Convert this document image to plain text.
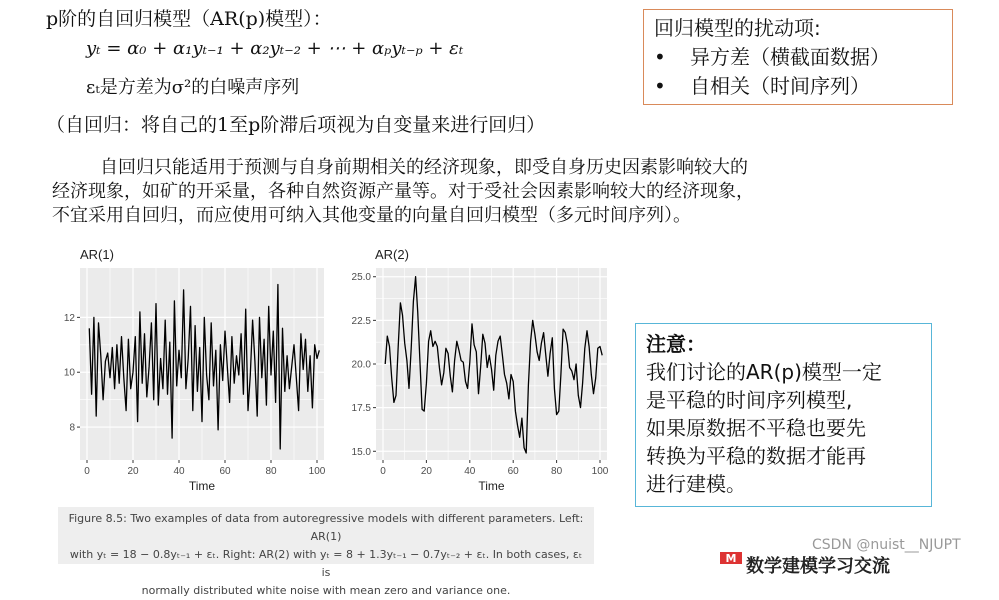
p阶的自回归模型（AR(p)模型）：
yₜ = α₀ + α₁yₜ₋₁ + α₂yₜ₋₂ + ⋯ + αₚyₜ₋ₚ + εₜ
εₜ是方差为σ²的白噪声序列
（自回归：将自己的1至p阶滞后项视为自变量来进行回归）
自回归只能适用于预测与自身前期相关的经济现象，即受自身历史因素影响较大的
经济现象，如矿的开采量，各种自然资源产量等。对于受社会因素影响较大的经济现象，
不宜采用自回归，而应使用可纳入其他变量的向量自回归模型（多元时间序列）。
回归模型的扰动项:
•	异方差（横截面数据）
•	自相关（时间序列）
注意：
我们讨论的AR(p)模型一定
是平稳的时间序列模型,
如果原数据不平稳也要先
转换为平稳的数据才能再
进行建模。
0	20	40	60	80	100
8
10
12
AR(1)
Time
0	20	40	60	80	100
15.0
17.5
20.0
22.5
25.0
AR(2)
Time
Figure 8.5: Two examples of data from autoregressive models with different parameters. Left: AR(1)
with yₜ = 18 − 0.8yₜ₋₁ + εₜ. Right: AR(2) with yₜ = 8 + 1.3yₜ₋₁ − 0.7yₜ₋₂ + εₜ. In both cases, εₜ is
normally distributed white noise with mean zero and variance one.
CSDN @nuist__NJUPT
M 数学建模学习交流
